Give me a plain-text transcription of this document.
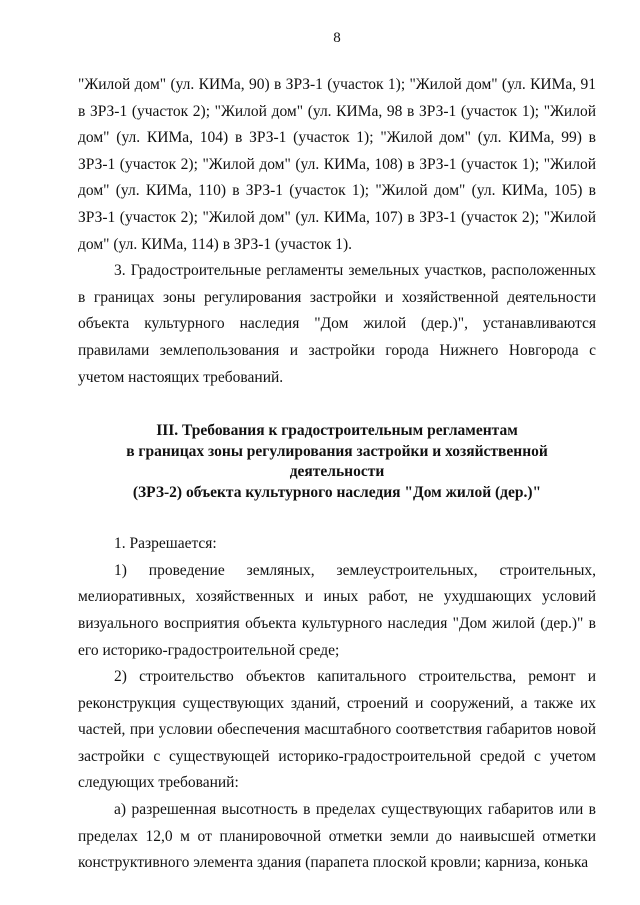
8

"Жилой дом" (ул. КИМа, 90) в ЗРЗ-1 (участок 1); "Жилой дом" (ул. КИМа, 91 в ЗРЗ-1 (участок 2); "Жилой дом" (ул. КИМа, 98 в ЗРЗ-1 (участок 1); "Жилой дом" (ул. КИМа, 104) в ЗРЗ-1 (участок 1); "Жилой дом" (ул. КИМа, 99) в ЗРЗ-1 (участок 2); "Жилой дом" (ул. КИМа, 108) в ЗРЗ-1 (участок 1); "Жилой дом" (ул. КИМа, 110) в ЗРЗ-1 (участок 1); "Жилой дом" (ул. КИМа, 105) в ЗРЗ-1 (участок 2); "Жилой дом" (ул. КИМа, 107) в ЗРЗ-1 (участок 2); "Жилой дом" (ул. КИМа, 114) в ЗРЗ-1 (участок 1).

3. Градостроительные регламенты земельных участков, расположенных в границах зоны регулирования застройки и хозяйственной деятельности объекта культурного наследия "Дом жилой (дер.)", устанавливаются правилами землепользования и застройки города Нижнего Новгорода с учетом настоящих требований.

III. Требования к градостроительным регламентам
в границах зоны регулирования застройки и хозяйственной деятельности
(ЗРЗ-2) объекта культурного наследия "Дом жилой (дер.)"

1. Разрешается:

1) проведение земляных, землеустроительных, строительных, мелиоративных, хозяйственных и иных работ, не ухудшающих условий визуального восприятия объекта культурного наследия "Дом жилой (дер.)" в его историко-градостроительной среде;

2) строительство объектов капитального строительства, ремонт и реконструкция существующих зданий, строений и сооружений, а также их частей, при условии обеспечения масштабного соответствия габаритов новой застройки с существующей историко-градостроительной средой с учетом следующих требований:

а) разрешенная высотность в пределах существующих габаритов или в пределах 12,0 м от планировочной отметки земли до наивысшей отметки конструктивного элемента здания (парапета плоской кровли; карниза, конька
